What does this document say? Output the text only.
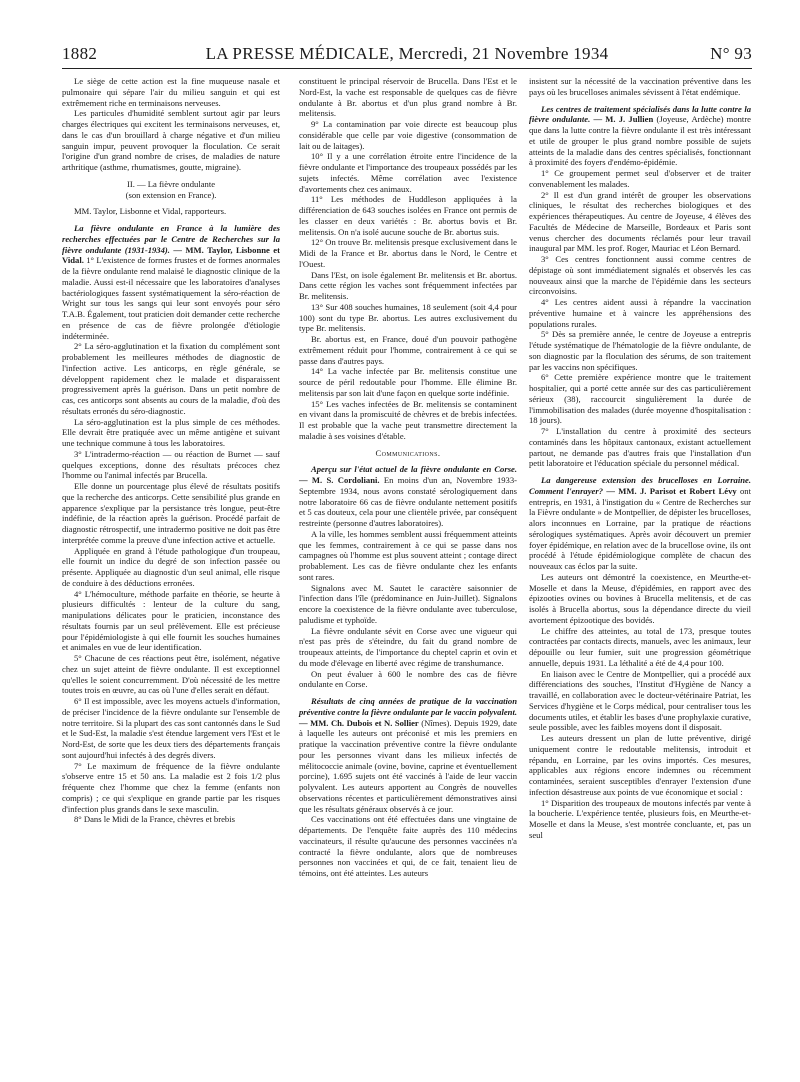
1882	LA PRESSE MÉDICALE, Mercredi, 21 Novembre 1934	N° 93

Le siège de cette action est la fine muqueuse nasale et pulmonaire qui sépare l'air du milieu sanguin et qui est extrêmement riche en terminaisons nerveuses.

Les particules d'humidité semblent surtout agir par leurs charges électriques qui excitent les terminaisons nerveuses, et, dans le cas d'un brouillard à charge négative et d'un milieu sanguin impur, peuvent provoquer la floculation. Ce serait l'origine d'un grand nombre de crises, de maladies de nature arthritique (asthme, rhumatismes, goutte, migraine).

II. — La fièvre ondulante

(son extension en France).

MM. Taylor, Lisbonne et Vidal, rapporteurs.

La fièvre ondulante en France à la lumière des recherches effectuées par le Centre de Recherches sur la fièvre ondulante (1931-1934). — MM. Taylor, Lisbonne et Vidal. 1° L'existence de formes frustes et de formes anormales de la fièvre ondulante rend malaisé le diagnostic clinique de la maladie. Aussi est-il nécessaire que les laboratoires d'analyses bactériologiques fassent systématiquement la séro-réaction de Wright sur tous les sangs qui leur sont envoyés pour séro T.A.B. Également, tout praticien doit demander cette recherche en présence de cas de fièvre prolongée d'étiologie indéterminée.

2° La séro-agglutination et la fixation du complément sont probablement les meilleures méthodes de diagnostic de l'infection active. Les anticorps, en règle générale, se développent rapidement chez le malade et disparaissent progressivement après la guérison. Dans un petit nombre de cas, ces anticorps sont absents au cours de la maladie, d'où des résultats erronés du séro-diagnostic.

La séro-agglutination est la plus simple de ces méthodes. Elle devrait être pratiquée avec un même antigène et suivant une technique commune à tous les laboratoires.

3° L'intradermo-réaction — ou réaction de Burnet — sauf quelques exceptions, donne des résultats précoces chez l'homme ou l'animal infectés par Brucella.

Elle donne un pourcentage plus élevé de résultats positifs que la recherche des anticorps. Cette sensibilité plus grande en apparence s'explique par la persistance très longue, peut-être indéfinie, de la réaction après la guérison. Procédé parfait de diagnostic rétrospectif, une intradermo positive ne doit pas être interprétée comme la preuve d'une infection active et actuelle.

Appliquée en grand à l'étude pathologique d'un troupeau, elle fournit un indice du degré de son infection passée ou présente. Appliquée au diagnostic d'un seul animal, elle risque de conduire à des déductions erronées.

4° L'hémoculture, méthode parfaite en théorie, se heurte à plusieurs difficultés : lenteur de la culture du sang, manipulations délicates pour le praticien, inconstance des résultats fournis par un seul prélèvement. Elle est précieuse pour l'épidémiologiste à qui elle fournit les souches humaines et animales en vue de leur identification.

5° Chacune de ces réactions peut être, isolément, négative chez un sujet atteint de fièvre ondulante. Il est exceptionnel qu'elles le soient concurremment. D'où nécessité de les mettre toutes trois en œuvre, au cas où l'une d'elles serait en défaut.

6° Il est impossible, avec les moyens actuels d'information, de préciser l'incidence de la fièvre ondulante sur l'ensemble de notre territoire. Si la plupart des cas sont cantonnés dans le Sud et le Sud-Est, la maladie s'est étendue largement vers l'Est et le Nord-Est, de sorte que les deux tiers des départements français sont aujourd'hui infectés à des degrés divers.

7° Le maximum de fréquence de la fièvre ondulante s'observe entre 15 et 50 ans. La maladie est 2 fois 1/2 plus fréquente chez l'homme que chez la femme (enfants non compris) ; ce qui s'explique en grande partie par les risques d'infection plus grands dans le sexe masculin.

8° Dans le Midi de la France, chèvres et brebis

constituent le principal réservoir de Brucella. Dans l'Est et le Nord-Est, la vache est responsable de quelques cas de fièvre ondulante à Br. abortus et d'un plus grand nombre à Br. melitensis.

9° La contamination par voie directe est beaucoup plus considérable que celle par voie digestive (consommation de lait ou de laitages).

10° Il y a une corrélation étroite entre l'incidence de la fièvre ondulante et l'importance des troupeaux possédés par les sujets infectés. Même corrélation avec l'existence d'avortements chez ces animaux.

11° Les méthodes de Huddleson appliquées à la différenciation de 643 souches isolées en France ont permis de les classer en deux variétés : Br. abortus bovis et Br. melitensis. On n'a isolé aucune souche de Br. abortus suis.

12° On trouve Br. melitensis presque exclusivement dans le Midi de la France et Br. abortus dans le Nord, le Centre et l'Ouest.

Dans l'Est, on isole également Br. melitensis et Br. abortus. Dans cette région les vaches sont fréquemment infectées par Br. melitensis.

13° Sur 408 souches humaines, 18 seulement (soit 4,4 pour 100) sont du type Br. abortus. Les autres exclusivement du type Br. melitensis.

Br. abortus est, en France, doué d'un pouvoir pathogène extrêmement réduit pour l'homme, contrairement à ce qui se passe dans d'autres pays.

14° La vache infectée par Br. melitensis constitue une source de péril redoutable pour l'homme. Elle élimine Br. melitensis par son lait d'une façon en quelque sorte indéfinie.

15° Les vaches infectées de Br. melitensis se contaminent en vivant dans la promiscuité de chèvres et de brebis infectées. Il est probable que la vache peut transmettre directement la maladie à ses voisines d'étable.

Communications.

Aperçu sur l'état actuel de la fièvre ondulante en Corse. — M. S. Cordoliani. En moins d'un an, Novembre 1933-Septembre 1934, nous avons constaté sérologiquement dans notre laboratoire 66 cas de fièvre ondulante nettement positifs et 5 cas douteux, cela pour une clientèle privée, par conséquent restreinte (personne d'autres laboratoires).

A la ville, les hommes semblent aussi fréquemment atteints que les femmes, contrairement à ce qui se passe dans nos campagnes où l'homme est plus souvent atteint ; contage direct probablement. Les cas de fièvre ondulante chez les enfants sont rares.

Signalons avec M. Sautet le caractère saisonnier de l'infection dans l'île (prédominance en Juin-Juillet). Signalons encore la coexistence de la fièvre ondulante avec tuberculose, paludisme et typhoïde.

La fièvre ondulante sévit en Corse avec une vigueur qui n'est pas près de s'éteindre, du fait du grand nombre de troupeaux atteints, de l'importance du cheptel caprin et ovin et du mode d'élevage en liberté avec régime de transhumance.

On peut évaluer à 600 le nombre des cas de fièvre ondulante en Corse.

Résultats de cinq années de pratique de la vaccination préventive contre la fièvre ondulante par le vaccin polyvalent. — MM. Ch. Dubois et N. Sollier (Nîmes). Depuis 1929, date à laquelle les auteurs ont préconisé et mis les premiers en pratique la vaccination préventive contre la fièvre ondulante pour les personnes vivant dans les milieux infectés de mélitococcie animale (ovine, bovine, caprine et éventuellement porcine), 1.695 sujets ont été vaccinés à l'aide de leur vaccin polyvalent. Les auteurs apportent au Congrès de nouvelles observations récentes et particulièrement démonstratives ainsi que les résultats généraux observés à ce jour.

Ces vaccinations ont été effectuées dans une vingtaine de départements. De l'enquête faite auprès des 110 médecins vaccinateurs, il résulte qu'aucune des personnes vaccinées n'a contracté la fièvre ondulante, alors que de nombreuses personnes non vaccinées et qui, de ce fait, tenaient lieu de témoins, ont été atteintes. Les auteurs

insistent sur la nécessité de la vaccination préventive dans les pays où les brucelloses animales sévissent à l'état endémique.

Les centres de traitement spécialisés dans la lutte contre la fièvre ondulante. — M. J. Jullien (Joyeuse, Ardèche) montre que dans la lutte contre la fièvre ondulante il est très intéressant et utile de grouper le plus grand nombre possible de sujets atteints de la maladie dans des centres spécialisés, fonctionnant à proximité des foyers d'endémo-épidémie.

1° Ce groupement permet seul d'observer et de traiter convenablement les malades.

2° Il est d'un grand intérêt de grouper les observations cliniques, le résultat des recherches biologiques et des expériences thérapeutiques. Au centre de Joyeuse, 4 élèves des Facultés de Médecine de Marseille, Bordeaux et Paris sont venus chercher des documents réclamés pour leur travail inaugural par MM. les prof. Roger, Mauriac et Léon Bernard.

3° Ces centres fonctionnent aussi comme centres de dépistage où sont immédiatement signalés et observés les cas nouveaux ainsi que la marche de l'épidémie dans les secteurs circonvoisins.

4° Les centres aident aussi à répandre la vaccination préventive humaine et à vaincre les appréhensions des populations rurales.

5° Dès sa première année, le centre de Joyeuse a entrepris l'étude systématique de l'hématologie de la fièvre ondulante, de son diagnostic par la floculation des sérums, de son traitement par les vaccins non spécifiques.

6° Cette première expérience montre que le traitement hospitalier, qui a porté cette année sur des cas particulièrement sérieux (38), raccourcit singulièrement la durée de l'immobilisation des malades (durée moyenne d'hospitalisation : 18 jours).

7° L'installation du centre à proximité des secteurs contaminés dans les hôpitaux cantonaux, existant actuellement partout, ne demande pas d'autres frais que l'installation d'un petit laboratoire et l'éducation spéciale du personnel médical.

La dangereuse extension des brucelloses en Lorraine. Comment l'enrayer? — MM. J. Parisot et Robert Lévy ont entrepris, en 1931, à l'instigation du « Centre de Recherches sur la Fièvre ondulante » de Montpellier, de dépister les brucelloses, alors inconnues en Lorraine, par la pratique de réactions sérologiques systématiques. Après avoir découvert un premier foyer épidémique, en relation avec de la brucellose ovine, ils ont procédé à l'étude épidémiologique complète de chacun des nouveaux cas éclos par la suite.

Les auteurs ont démontré la coexistence, en Meurthe-et-Moselle et dans la Meuse, d'épidémies, en rapport avec des épizooties ovines ou bovines à Brucella melitensis, et de cas isolés à Brucella abortus, sous la dépendance directe du vieil avortement épizootique des bovidés.

Le chiffre des atteintes, au total de 173, presque toutes contractées par contacts directs, manuels, avec les animaux, leur dépouille ou leur fumier, suit une progression géométrique annuelle, depuis 1931. La léthalité a été de 4,4 pour 100.

En liaison avec le Centre de Montpellier, qui a procédé aux différenciations des souches, l'Institut d'Hygiène de Nancy a travaillé, en collaboration avec le docteur-vétérinaire Patriat, les Services d'hygiène et le Corps médical, pour centraliser tous les documents utiles, et établir les bases d'une prophylaxie curative, seule possible, avec les faibles moyens dont il disposait.

Les auteurs dressent un plan de lutte préventive, dirigé uniquement contre le redoutable melitensis, introduit et répandu, en Lorraine, par les ovins importés. Ces mesures, applicables aux régions encore indemnes ou récemment contaminées, seraient susceptibles d'enrayer l'extension d'une infection désastreuse aux points de vue économique et social :

1° Disparition des troupeaux de moutons infectés par vente à la boucherie. L'expérience tentée, plusieurs fois, en Meurthe-et-Moselle et dans la Meuse, s'est montrée concluante, et, pas un seul
